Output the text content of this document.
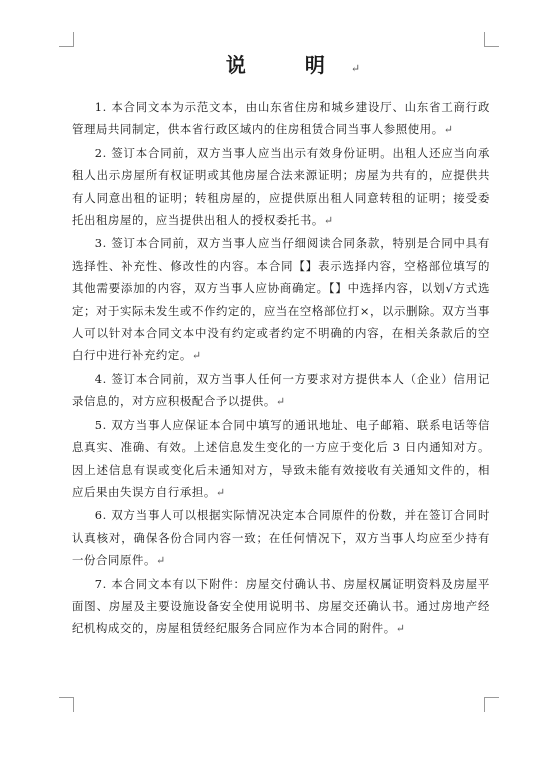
说 明↵

1. 本合同文本为示范文本，由山东省住房和城乡建设厅、山东省工商行政管理局共同制定，供本省行政区域内的住房租赁合同当事人参照使用。↵

2. 签订本合同前，双方当事人应当出示有效身份证明。出租人还应当向承租人出示房屋所有权证明或其他房屋合法来源证明；房屋为共有的，应提供共有人同意出租的证明；转租房屋的，应提供原出租人同意转租的证明；接受委托出租房屋的，应当提供出租人的授权委托书。↵

3. 签订本合同前，双方当事人应当仔细阅读合同条款，特别是合同中具有选择性、补充性、修改性的内容。本合同【】表示选择内容，空格部位填写的其他需要添加的内容，双方当事人应协商确定。【】中选择内容，以划√方式选定；对于实际未发生或不作约定的，应当在空格部位打×，以示删除。双方当事人可以针对本合同文本中没有约定或者约定不明确的内容，在相关条款后的空白行中进行补充约定。↵

4. 签订本合同前，双方当事人任何一方要求对方提供本人（企业）信用记录信息的，对方应积极配合予以提供。↵

5. 双方当事人应保证本合同中填写的通讯地址、电子邮箱、联系电话等信息真实、准确、有效。上述信息发生变化的一方应于变化后 3 日内通知对方。因上述信息有误或变化后未通知对方，导致未能有效接收有关通知文件的，相应后果由失误方自行承担。↵

6. 双方当事人可以根据实际情况决定本合同原件的份数，并在签订合同时认真核对，确保各份合同内容一致；在任何情况下，双方当事人均应至少持有一份合同原件。↵

7. 本合同文本有以下附件：房屋交付确认书、房屋权属证明资料及房屋平面图、房屋及主要设施设备安全使用说明书、房屋交还确认书。通过房地产经纪机构成交的，房屋租赁经纪服务合同应作为本合同的附件。↵
